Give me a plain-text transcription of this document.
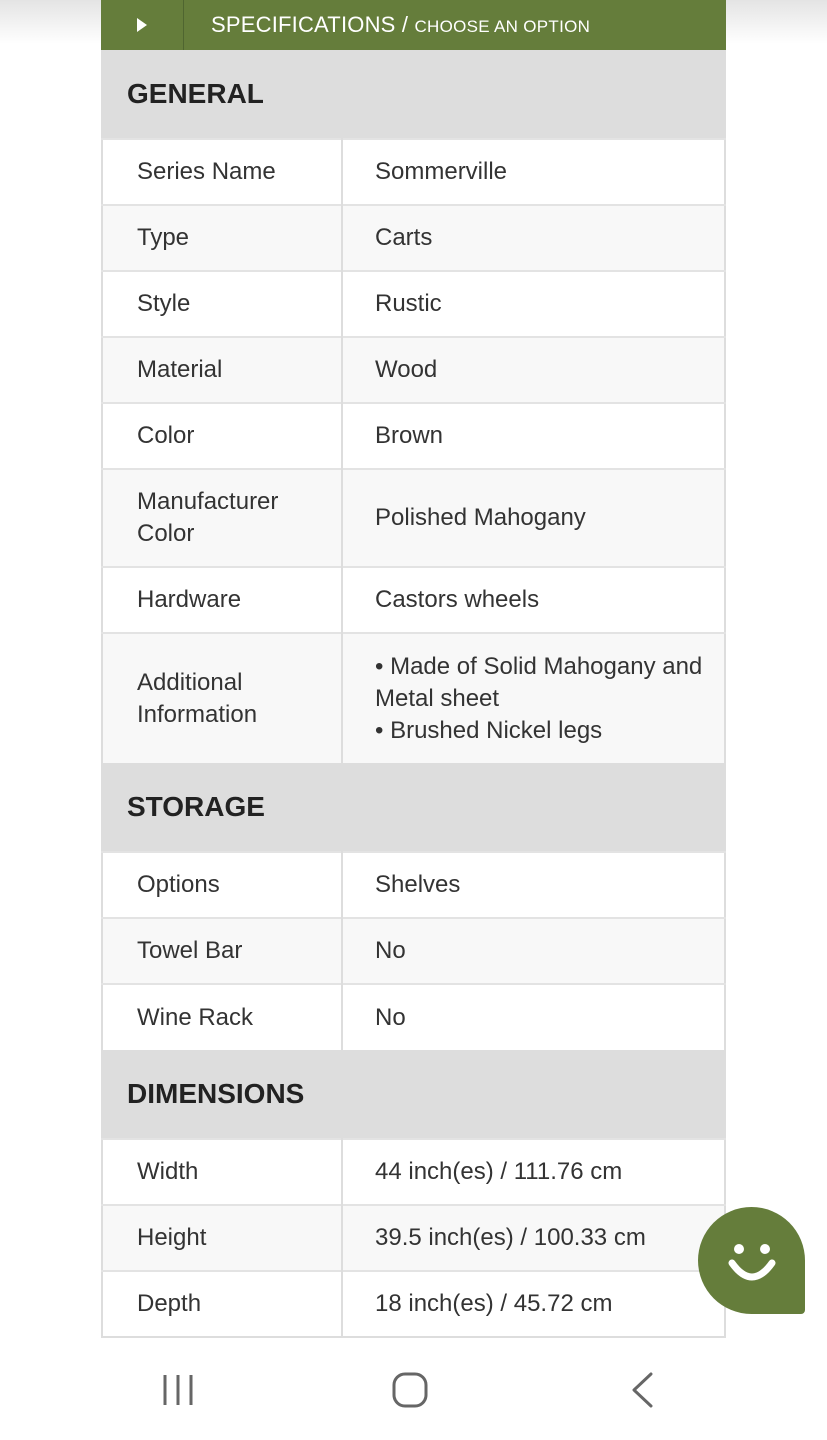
SPECIFICATIONS / CHOOSE AN OPTION
GENERAL	
Series Name	Sommerville
Type	Carts
Style	Rustic
Material	Wood
Color	Brown
Manufacturer Color	Polished Mahogany
Hardware	Castors wheels
Additional Information	• Made of Solid Mahogany and Metal sheet
• Brushed Nickel legs

STORAGE	
Options	Shelves
Towel Bar	No
Wine Rack	No
DIMENSIONS	
Width	44 inch(es) / 111.76 cm
Height	39.5 inch(es) / 100.33 cm
Depth	18 inch(es) / 45.72 cm
